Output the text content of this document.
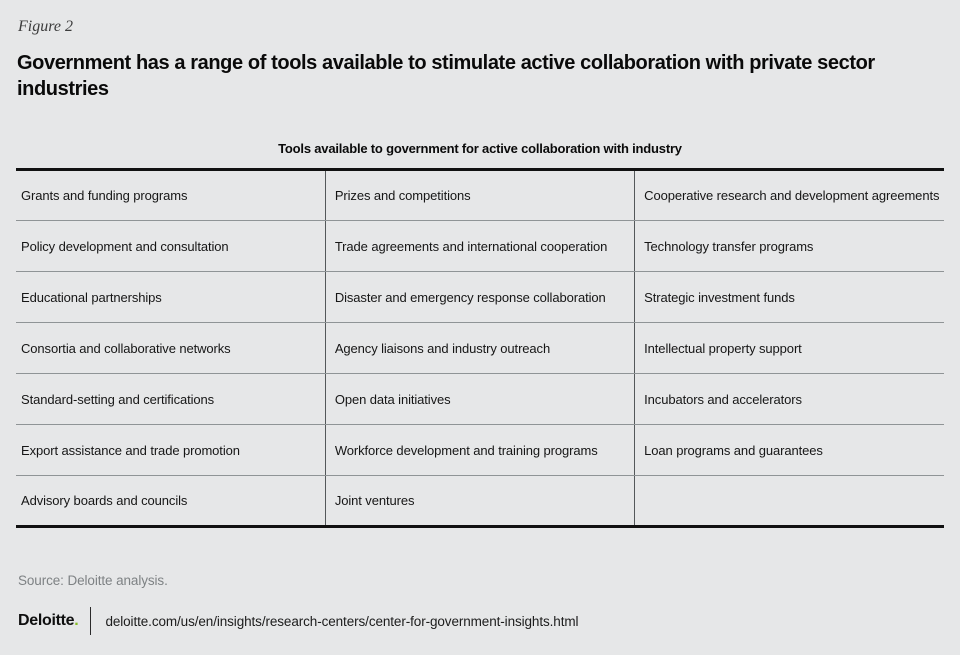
Figure 2
Government has a range of tools available to stimulate active collaboration with private sector industries
Tools available to government for active collaboration with industry
Grants and funding programs	Prizes and competitions	Cooperative research and development agreements
Policy development and consultation	Trade agreements and international cooperation	Technology transfer programs
Educational partnerships	Disaster and emergency response collaboration	Strategic investment funds
Consortia and collaborative networks	Agency liaisons and industry outreach	Intellectual property support
Standard-setting and certifications	Open data initiatives	Incubators and accelerators
Export assistance and trade promotion	Workforce development and training programs	Loan programs and guarantees
Advisory boards and councils	Joint ventures	
Source: Deloitte analysis.
Deloitte. deloitte.com/us/en/insights/research-centers/center-for-government-insights.html
